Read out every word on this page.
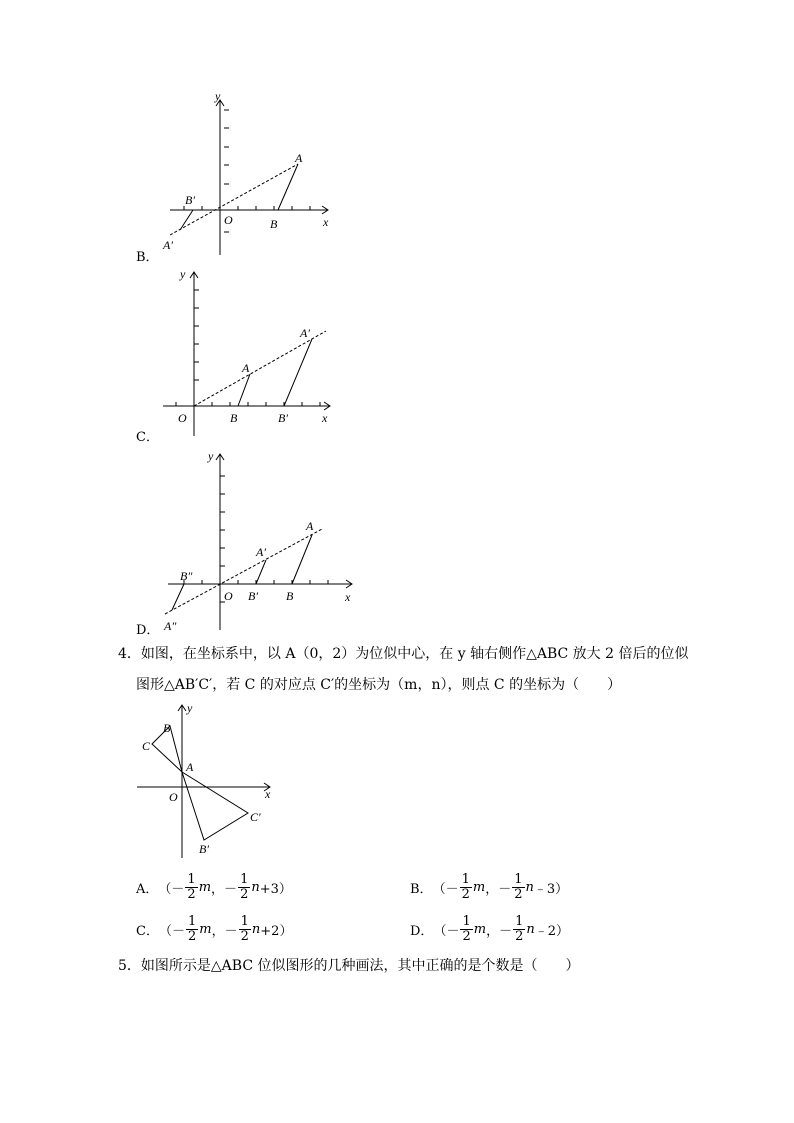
y
x
O	B
A
B′
A′
B．
y
x
O	B
A
B′
A′
C．
y
x
O	B
A
B′
A′
B″
A″
D．
4．如图，在坐标系中，以 A（0，2）为位似中心，在 y 轴右侧作△ABC 放大 2 倍后的位似
图形△AB′C′，若 C 的对应点 C′的坐标为（m，n），则点 C 的坐标为（　　）
y
x
O
A
B
C
B′
C′
A． （ － $\frac{1}{2}$ m ， － $\frac{1}{2}$ n +3）	B． （ － $\frac{1}{2}$ m ， － $\frac{1}{2}$ n ﹣3）
C． （ － $\frac{1}{2}$ m ， － $\frac{1}{2}$ n +2）	D． （ － $\frac{1}{2}$ m ， － $\frac{1}{2}$ n ﹣2）
5．如图所示是△ABC 位似图形的几种画法，其中正确的是个数是（　　）
